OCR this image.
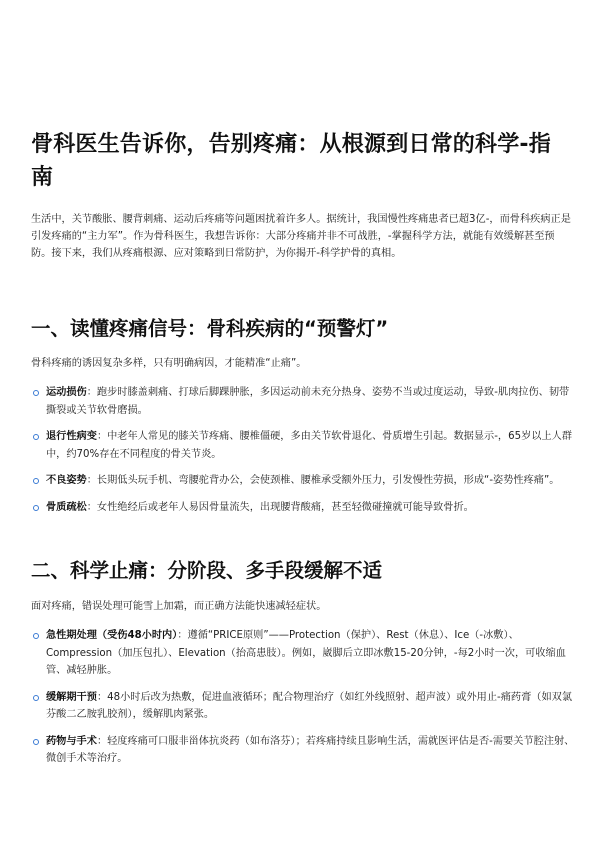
骨科医生告诉你，告别疼痛：从根源到日常的科学-指南

生活中，关节酸胀、腰背刺痛、运动后疼痛等问题困扰着许多人。据统计，我国慢性疼痛患者已超3亿-，而骨科疾病正是引发疼痛的“主力军”。作为骨科医生，我想告诉你：大部分疼痛并非不可战胜，-掌握科学方法，就能有效缓解甚至预防。接下来，我们从疼痛根源、应对策略到日常防护，为你揭开-科学护骨的真相。

一、读懂疼痛信号：骨科疾病的“预警灯”

骨科疼痛的诱因复杂多样，只有明确病因，才能精准“止痛”。

运动损伤：跑步时膝盖刺痛、打球后脚踝肿胀，多因运动前未充分热身、姿势不当或过度运动，导致-肌肉拉伤、韧带撕裂或关节软骨磨损。
退行性病变：中老年人常见的膝关节疼痛、腰椎僵硬，多由关节软骨退化、骨质增生引起。数据显示-，65岁以上人群中，约70%存在不同程度的骨关节炎。
不良姿势：长期低头玩手机、弯腰驼背办公，会使颈椎、腰椎承受额外压力，引发慢性劳损，形成“-姿势性疼痛”。
骨质疏松：女性绝经后或老年人易因骨量流失，出现腰背酸痛，甚至轻微碰撞就可能导致骨折。
二、科学止痛：分阶段、多手段缓解不适

面对疼痛，错误处理可能雪上加霜，而正确方法能快速减轻症状。

急性期处理（受伤48小时内）：遵循“PRICE原则”——Protection（保护）、Rest（休息）、Ice（-冰敷）、Compression（加压包扎）、Elevation（抬高患肢）。例如，崴脚后立即冰敷15-20分钟，-每2小时一次，可收缩血管、减轻肿胀。
缓解期干预：48小时后改为热敷，促进血液循环；配合物理治疗（如红外线照射、超声波）或外用止-痛药膏（如双氯芬酸二乙胺乳胶剂），缓解肌肉紧张。
药物与手术：轻度疼痛可口服非甾体抗炎药（如布洛芬）；若疼痛持续且影响生活，需就医评估是否-需要关节腔注射、微创手术等治疗。
